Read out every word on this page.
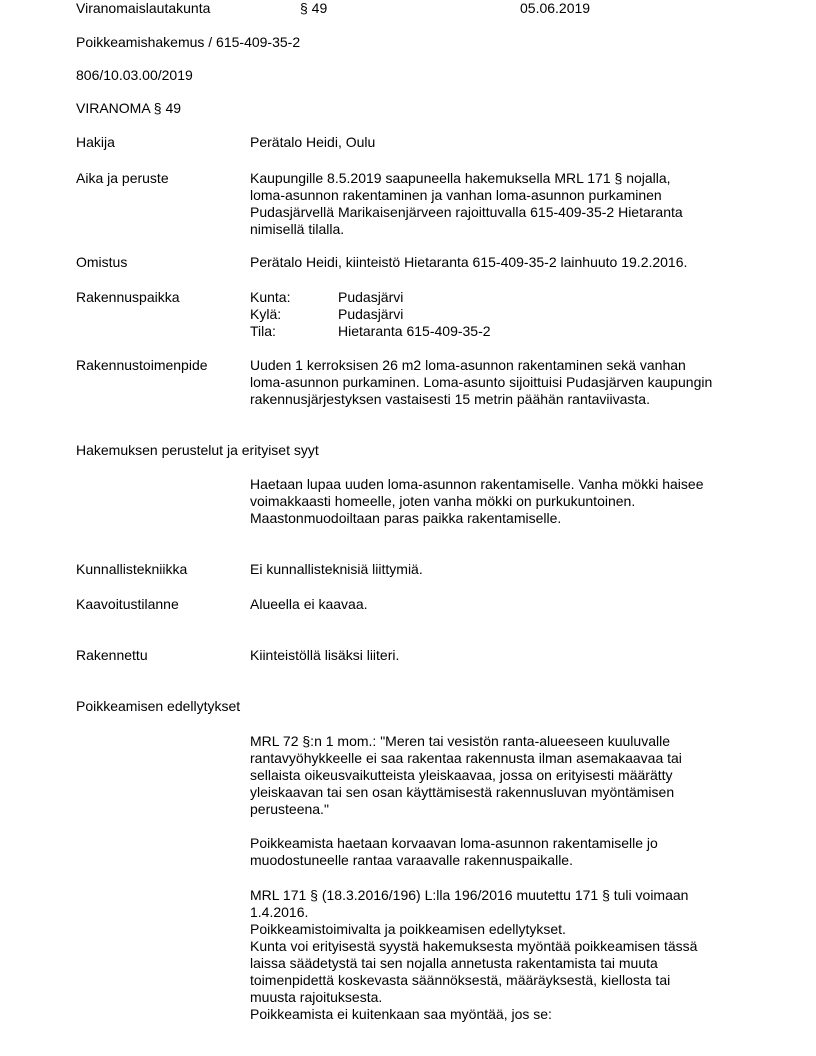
Viranomaislautakunta	§ 49	05.06.2019
Poikkeamishakemus / 615-409-35-2
806/10.03.00/2019
VIRANOMA § 49
Hakija	Perätalo Heidi, Oulu
Aika ja peruste	Kaupungille 8.5.2019 saapuneella hakemuksella MRL 171 § nojalla,
loma-asunnon rakentaminen ja vanhan loma-asunnon purkaminen
Pudasjärvellä Marikaisenjärveen rajoittuvalla 615-409-35-2 Hietaranta
nimisellä tilalla.
Omistus	Perätalo Heidi, kiinteistö Hietaranta 615-409-35-2 lainhuuto 19.2.2016.
Rakennuspaikka	Kunta:	Pudasjärvi
Kylä:	Pudasjärvi
Tila:	Hietaranta 615-409-35-2
Rakennustoimenpide	Uuden 1 kerroksisen 26 m2 loma-asunnon rakentaminen sekä vanhan
loma-asunnon purkaminen. Loma-asunto sijoittuisi Pudasjärven kaupungin
rakennusjärjestyksen vastaisesti 15 metrin päähän rantaviivasta.
Hakemuksen perustelut ja erityiset syyt
Haetaan lupaa uuden loma-asunnon rakentamiselle. Vanha mökki haisee
voimakkaasti homeelle, joten vanha mökki on purkukuntoinen.
Maastonmuodoiltaan paras paikka rakentamiselle.
Kunnallistekniikka	Ei kunnallisteknisiä liittymiä.
Kaavoitustilanne	Alueella ei kaavaa.
Rakennettu	Kiinteistöllä lisäksi liiteri.
Poikkeamisen edellytykset
MRL 72 §:n 1 mom.: "Meren tai vesistön ranta-alueeseen kuuluvalle
rantavyöhykkeelle ei saa rakentaa rakennusta ilman asemakaavaa tai
sellaista oikeusvaikutteista yleiskaavaa, jossa on erityisesti määrätty
yleiskaavan tai sen osan käyttämisestä rakennusluvan myöntämisen
perusteena."
Poikkeamista haetaan korvaavan loma-asunnon rakentamiselle jo
muodostuneelle rantaa varaavalle rakennuspaikalle.
MRL 171 § (18.3.2016/196) L:lla 196/2016 muutettu 171 § tuli voimaan
1.4.2016.
Poikkeamistoimivalta ja poikkeamisen edellytykset.
Kunta voi erityisestä syystä hakemuksesta myöntää poikkeamisen tässä
laissa säädetystä tai sen nojalla annetusta rakentamista tai muuta
toimenpidettä koskevasta säännöksestä, määräyksestä, kiellosta tai
muusta rajoituksesta.
Poikkeamista ei kuitenkaan saa myöntää, jos se:
